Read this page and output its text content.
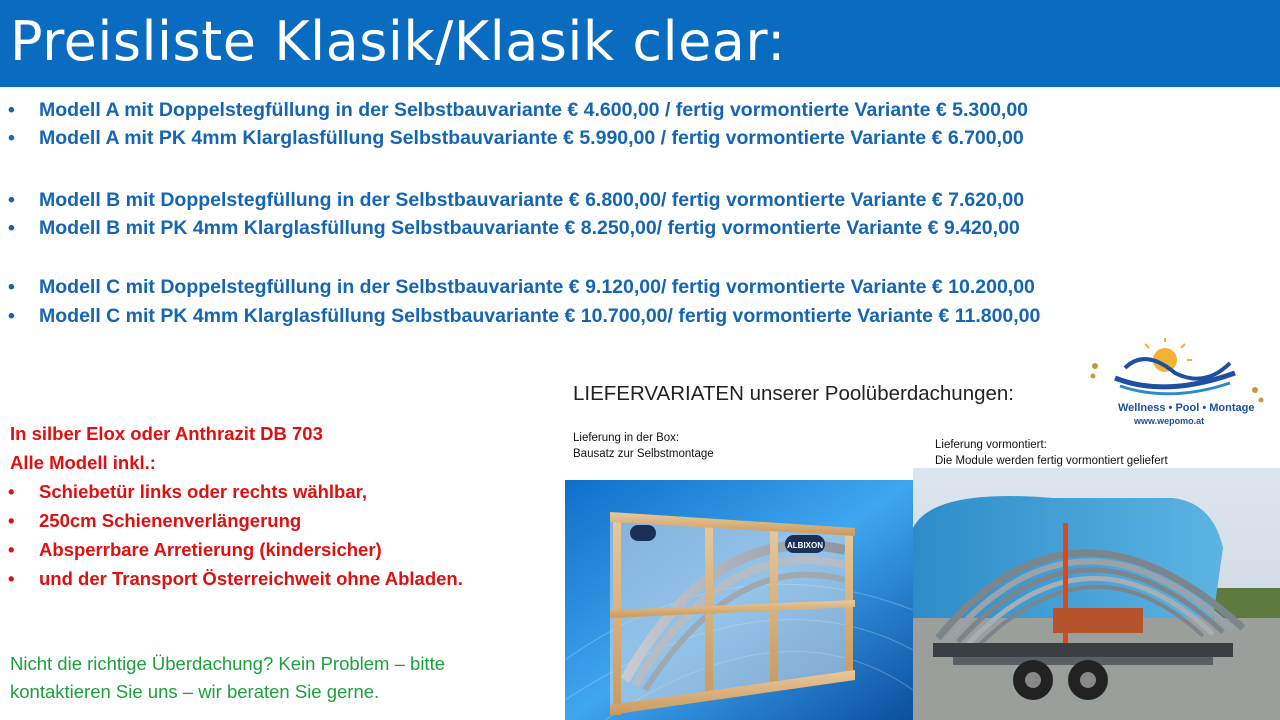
Preisliste Klasik/Klasik clear:
• Modell A mit Doppelstegfüllung in der Selbstbauvariante € 4.600,00 / fertig vormontierte Variante € 5.300,00
• Modell A mit PK 4mm Klarglasfüllung Selbstbauvariante € 5.990,00 / fertig vormontierte Variante € 6.700,00
• Modell B mit Doppelstegfüllung in der Selbstbauvariante € 6.800,00/ fertig vormontierte Variante € 7.620,00
• Modell B mit PK 4mm Klarglasfüllung Selbstbauvariante € 8.250,00/ fertig vormontierte Variante € 9.420,00
• Modell C mit Doppelstegfüllung in der Selbstbauvariante € 9.120,00/ fertig vormontierte Variante € 10.200,00
• Modell C mit PK 4mm Klarglasfüllung Selbstbauvariante € 10.700,00/ fertig vormontierte Variante € 11.800,00
In silber Elox oder Anthrazit DB 703
Alle Modell inkl.:
• Schiebetür links oder rechts wählbar,
• 250cm Schienenverlängerung
• Absperrbare Arretierung (kindersicher)
• und der Transport Österreichweit ohne Abladen.
Nicht die richtige Überdachung? Kein Problem – bitte
kontaktieren Sie uns – wir beraten Sie gerne.
LIEFERVARIATEN unserer Poolüberdachungen:
Lieferung in der Box:
Bausatz zur Selbstmontage
Lieferung vormontiert:
Die Module werden fertig vormontiert geliefert
ALBIXON
Wellness • Pool • Montage
www.wepomo.at
